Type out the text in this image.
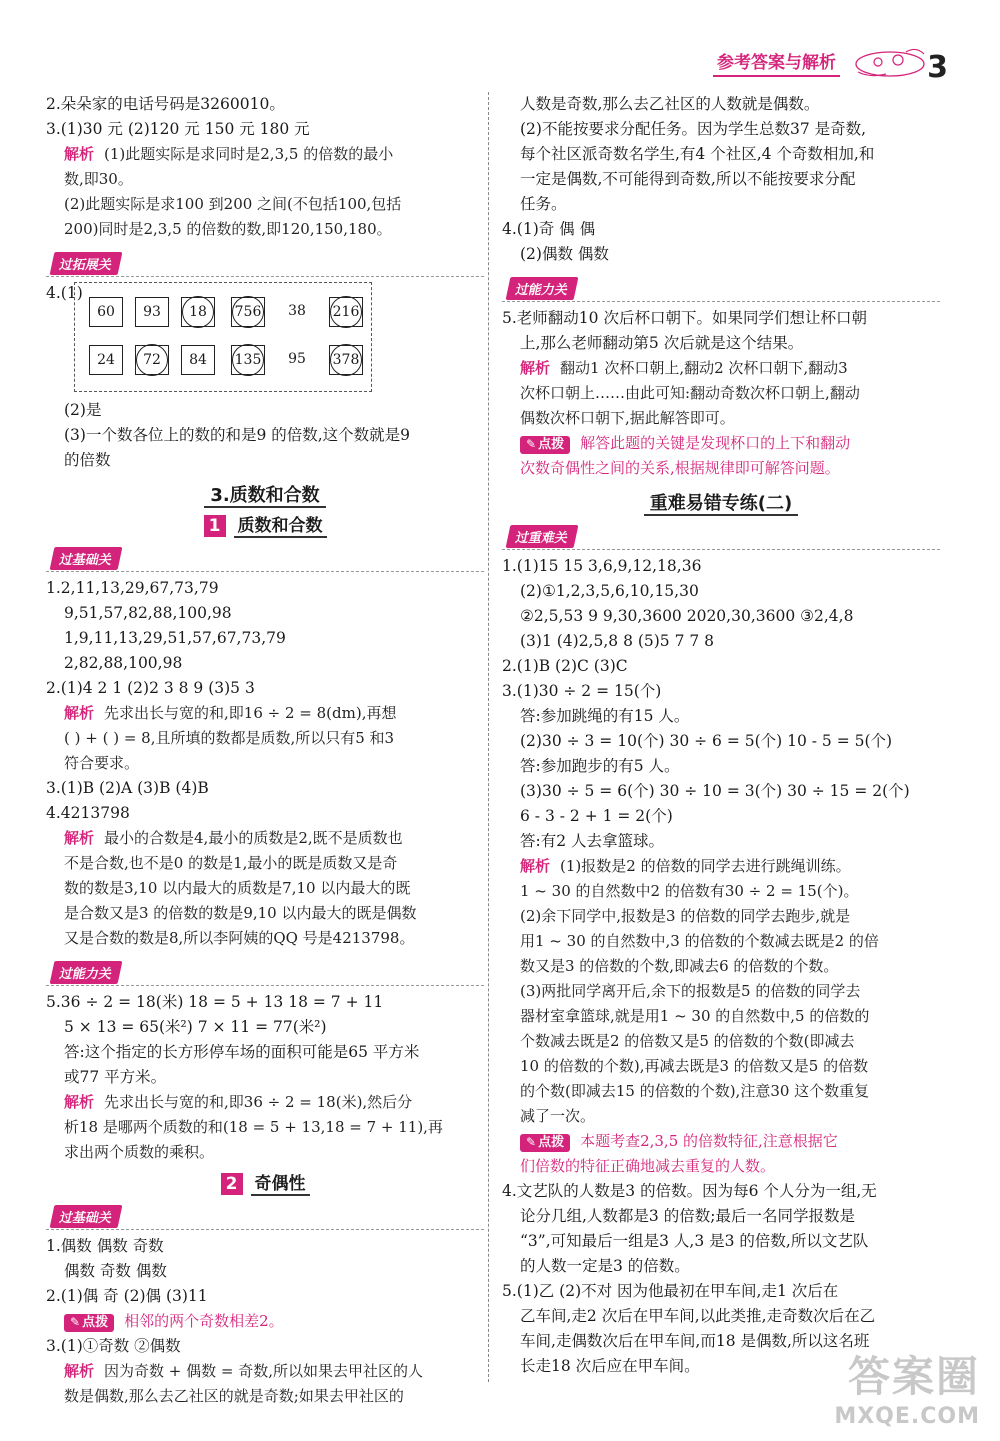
参考答案与解析	3
2.朵朵家的电话号码是3260010。
3.(1)30 元 (2)120 元 150 元 180 元
解析 (1)此题实际是求同时是2,3,5 的倍数的最小
数,即30。
(2)此题实际是求100 到200 之间(不包括100,包括
200)同时是2,3,5 的倍数的数,即120,150,180。
过拓展关
4.(1)
60	93	18	756	38	216
24	72	84	135	95	378
(2)是
(3)一个数各位上的数的和是9 的倍数,这个数就是9
的倍数
3.质数和合数
1 质数和合数
过基础关
1.2,11,13,29,67,73,79
9,51,57,82,88,100,98
1,9,11,13,29,51,57,67,73,79
2,82,88,100,98
2.(1)4 2 1 (2)2 3 8 9 (3)5 3
解析 先求出长与宽的和,即16 ÷ 2 = 8(dm),再想
( ) + ( ) = 8,且所填的数都是质数,所以只有5 和3
符合要求。
3.(1)B (2)A (3)B (4)B
4.4213798
解析 最小的合数是4,最小的质数是2,既不是质数也
不是合数,也不是0 的数是1,最小的既是质数又是奇
数的数是3,10 以内最大的质数是7,10 以内最大的既
是合数又是3 的倍数的数是9,10 以内最大的既是偶数
又是合数的数是8,所以李阿姨的QQ 号是4213798。
过能力关
5.36 ÷ 2 = 18(米) 18 = 5 + 13 18 = 7 + 11
5 × 13 = 65(米²) 7 × 11 = 77(米²)
答:这个指定的长方形停车场的面积可能是65 平方米
或77 平方米。
解析 先求出长与宽的和,即36 ÷ 2 = 18(米),然后分
析18 是哪两个质数的和(18 = 5 + 13,18 = 7 + 11),再
求出两个质数的乘积。
2 奇偶性
过基础关
1.偶数 偶数 奇数
偶数 奇数 偶数
2.(1)偶 奇 (2)偶 (3)11
✎ 点拨 相邻的两个奇数相差2。
3.(1)①奇数 ②偶数
解析 因为奇数 + 偶数 = 奇数,所以如果去甲社区的人
数是偶数,那么去乙社区的就是奇数;如果去甲社区的
人数是奇数,那么去乙社区的人数就是偶数。
(2)不能按要求分配任务。因为学生总数37 是奇数,
每个社区派奇数名学生,有4 个社区,4 个奇数相加,和
一定是偶数,不可能得到奇数,所以不能按要求分配
任务。
4.(1)奇 偶 偶
(2)偶数 偶数
过能力关
5.老师翻动10 次后杯口朝下。如果同学们想让杯口朝
上,那么老师翻动第5 次后就是这个结果。
解析 翻动1 次杯口朝上,翻动2 次杯口朝下,翻动3
次杯口朝上……由此可知:翻动奇数次杯口朝上,翻动
偶数次杯口朝下,据此解答即可。
✎ 点拨 解答此题的关键是发现杯口的上下和翻动
次数奇偶性之间的关系,根据规律即可解答问题。
重难易错专练(二)
过重难关
1.(1)15 15 3,6,9,12,18,36
(2)①1,2,3,5,6,10,15,30
②2,5,53 9 9,30,3600 2020,30,3600 ③2,4,8
(3)1 (4)2,5,8 8 (5)5 7 7 8
2.(1)B (2)C (3)C
3.(1)30 ÷ 2 = 15(个)
答:参加跳绳的有15 人。
(2)30 ÷ 3 = 10(个) 30 ÷ 6 = 5(个) 10 - 5 = 5(个)
答:参加跑步的有5 人。
(3)30 ÷ 5 = 6(个) 30 ÷ 10 = 3(个) 30 ÷ 15 = 2(个)
6 - 3 - 2 + 1 = 2(个)
答:有2 人去拿篮球。
解析 (1)报数是2 的倍数的同学去进行跳绳训练。
1 ~ 30 的自然数中2 的倍数有30 ÷ 2 = 15(个)。
(2)余下同学中,报数是3 的倍数的同学去跑步,就是
用1 ~ 30 的自然数中,3 的倍数的个数减去既是2 的倍
数又是3 的倍数的个数,即减去6 的倍数的个数。
(3)两批同学离开后,余下的报数是5 的倍数的同学去
器材室拿篮球,就是用1 ~ 30 的自然数中,5 的倍数的
个数减去既是2 的倍数又是5 的倍数的个数(即减去
10 的倍数的个数),再减去既是3 的倍数又是5 的倍数
的个数(即减去15 的倍数的个数),注意30 这个数重复
减了一次。
✎ 点拨 本题考查2,3,5 的倍数特征,注意根据它
们倍数的特征正确地减去重复的人数。
4.文艺队的人数是3 的倍数。因为每6 个人分为一组,无
论分几组,人数都是3 的倍数;最后一名同学报数是
“3”,可知最后一组是3 人,3 是3 的倍数,所以文艺队
的人数一定是3 的倍数。
5.(1)乙 (2)不对 因为他最初在甲车间,走1 次后在
乙车间,走2 次后在甲车间,以此类推,走奇数次后在乙
车间,走偶数次后在甲车间,而18 是偶数,所以这名班
长走18 次后应在甲车间。	答案圈
MXQE.COM
